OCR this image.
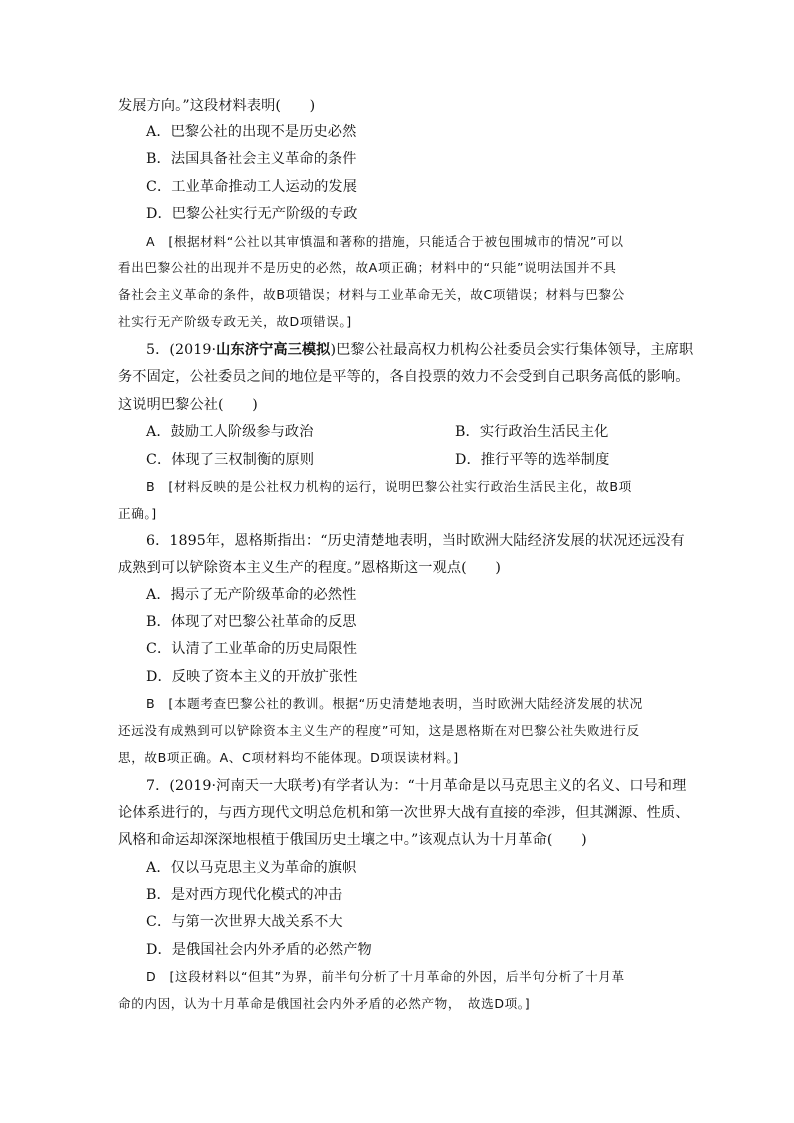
发展方向。”这段材料表明(　　)
A．巴黎公社的出现不是历史必然
B．法国具备社会主义革命的条件
C．工业革命推动工人运动的发展
D．巴黎公社实行无产阶级的专政
A　[根据材料“公社以其审慎温和著称的措施，只能适合于被包围城市的情况”可以
看出巴黎公社的出现并不是历史的必然，故A项正确；材料中的“只能”说明法国并不具
备社会主义革命的条件，故B项错误；材料与工业革命无关，故C项错误；材料与巴黎公
社实行无产阶级专政无关，故D项错误。]
5．(2019·山东济宁高三模拟)巴黎公社最高权力机构公社委员会实行集体领导，主席职
务不固定，公社委员之间的地位是平等的，各自投票的效力不会受到自己职务高低的影响。
这说明巴黎公社(　　)
A．鼓励工人阶级参与政治	B．实行政治生活民主化
C．体现了三权制衡的原则	D．推行平等的选举制度
B　[材料反映的是公社权力机构的运行，说明巴黎公社实行政治生活民主化，故B项
正确。]
6．1895年，恩格斯指出：“历史清楚地表明，当时欧洲大陆经济发展的状况还远没有
成熟到可以铲除资本主义生产的程度。”恩格斯这一观点(　　)
A．揭示了无产阶级革命的必然性
B．体现了对巴黎公社革命的反思
C．认清了工业革命的历史局限性
D．反映了资本主义的开放扩张性
B　[本题考查巴黎公社的教训。根据“历史清楚地表明，当时欧洲大陆经济发展的状况
还远没有成熟到可以铲除资本主义生产的程度”可知，这是恩格斯在对巴黎公社失败进行反
思，故B项正确。A、C项材料均不能体现。D项误读材料。]
7．(2019·河南天一大联考)有学者认为：“十月革命是以马克思主义的名义、口号和理
论体系进行的，与西方现代文明总危机和第一次世界大战有直接的牵涉，但其渊源、性质、
风格和命运却深深地根植于俄国历史土壤之中。”该观点认为十月革命(　　)
A．仅以马克思主义为革命的旗帜
B．是对西方现代化模式的冲击
C．与第一次世界大战关系不大
D．是俄国社会内外矛盾的必然产物
D　[这段材料以“但其”为界，前半句分析了十月革命的外因，后半句分析了十月革
命的内因，认为十月革命是俄国社会内外矛盾的必然产物，　故选D项。]
